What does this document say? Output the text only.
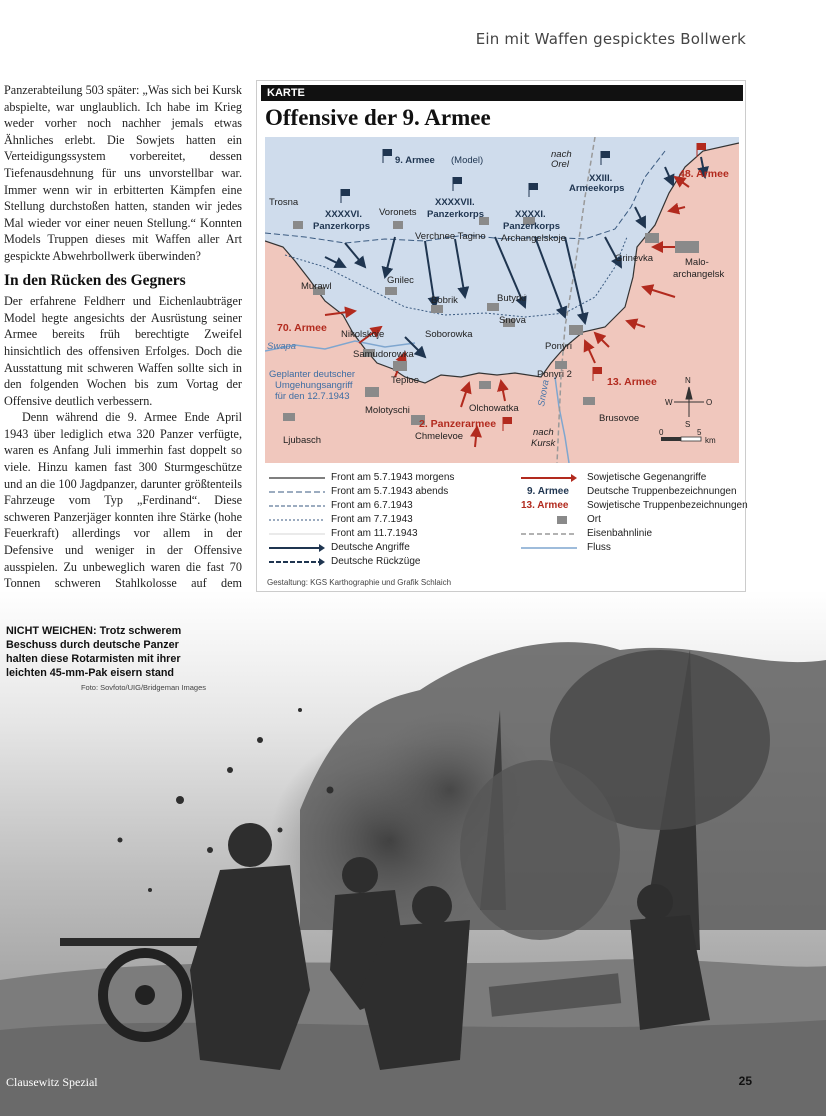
Ein mit Waffen gespicktes Bollwerk

Panzerabteilung 503 später: „Was sich bei Kursk abspielte, war unglaublich. Ich habe im Krieg weder vorher noch nachher jemals etwas Ähnliches erlebt. Die Sowjets hatten ein Verteidigungssystem vorbereitet, dessen Tiefenausdehnung für uns unvorstellbar war. Immer wenn wir in erbitterten Kämpfen eine Stellung durchstoßen hatten, standen wir jedes Mal wieder vor einer neuen Stellung.“ Konnten Models Truppen dieses mit Waffen aller Art gespickte Abwehrbollwerk überwinden?

In den Rücken des Gegners

Der erfahrene Feldherr und Eichenlaubträger Model hegte angesichts der Ausrüstung seiner Armee bereits früh berechtigte Zweifel hinsichtlich des offensiven Erfolges. Doch die Ausstattung mit schweren Waffen sollte sich in den folgenden Wochen bis zum Vortag der Offensive deutlich verbessern.

Denn während die 9. Armee Ende April 1943 über lediglich etwa 320 Panzer verfügte, waren es Anfang Juli immerhin fast doppelt so viele. Hinzu kamen fast 300 Sturmgeschütze und an die 100 Jagdpanzer, darunter größtenteils Fahrzeuge vom Typ „Ferdinand“. Diese schweren Panzerjäger konnten ihre Stärke (hohe Feuerkraft) allerdings vor allem in der Defensive und weniger in der Offensive ausspielen. Zu unbeweglich waren die fast 70 Tonnen schweren Stahlkolosse auf dem

KARTE
Offensive der 9. Armee
9. Armee (Model)
nach
Orel
XXIII.
Armeekorps
48. Armee
Trosna
XXXXVI.
Panzerkorps
Voronets
XXXXVII.
Panzerkorps	XXXXI.
Panzerkorps
Verchnee Tagino Archangelskoje
Grinevka	Malo-
archangelsk
Murawl
Gnilec
Bobrik	Butyrki
Snova
70. Armee
Nikolskoje	Soborowka
Swapa
Samudorowka
Ponyri
Ponyri 2
Geplanter deutscher
Umgehungsangriff
für den 12.7.1943
Teploe	13. Armee
Molotyschi
Snova
Olchowatka
Brusovoe
2. Panzerarmee
Ljubasch	Chmelevoe	nach
Kursk
N
S
W	O
0	5
km
Front am 5.7.1943 morgens
Front am 5.7.1943 abends
Front am 6.7.1943
Front am 7.7.1943
Front am 11.7.1943
Deutsche Angriffe
Deutsche Rückzüge
Sowjetische Gegenangriffe
9. Armee Deutsche Truppenbezeichnungen
13. Armee Sowjetische Truppenbezeichnungen
Ort
Eisenbahnlinie
Fluss
Gestaltung: KGS Karthographie und Grafik Schlaich
NICHT WEICHEN: Trotz schwerem Beschuss durch deutsche Panzer halten diese Rotarmisten mit ihrer leichten 45-mm-Pak eisern stand
Foto: Sovfoto/UIG/Bridgeman Images
Clausewitz Spezial	25
